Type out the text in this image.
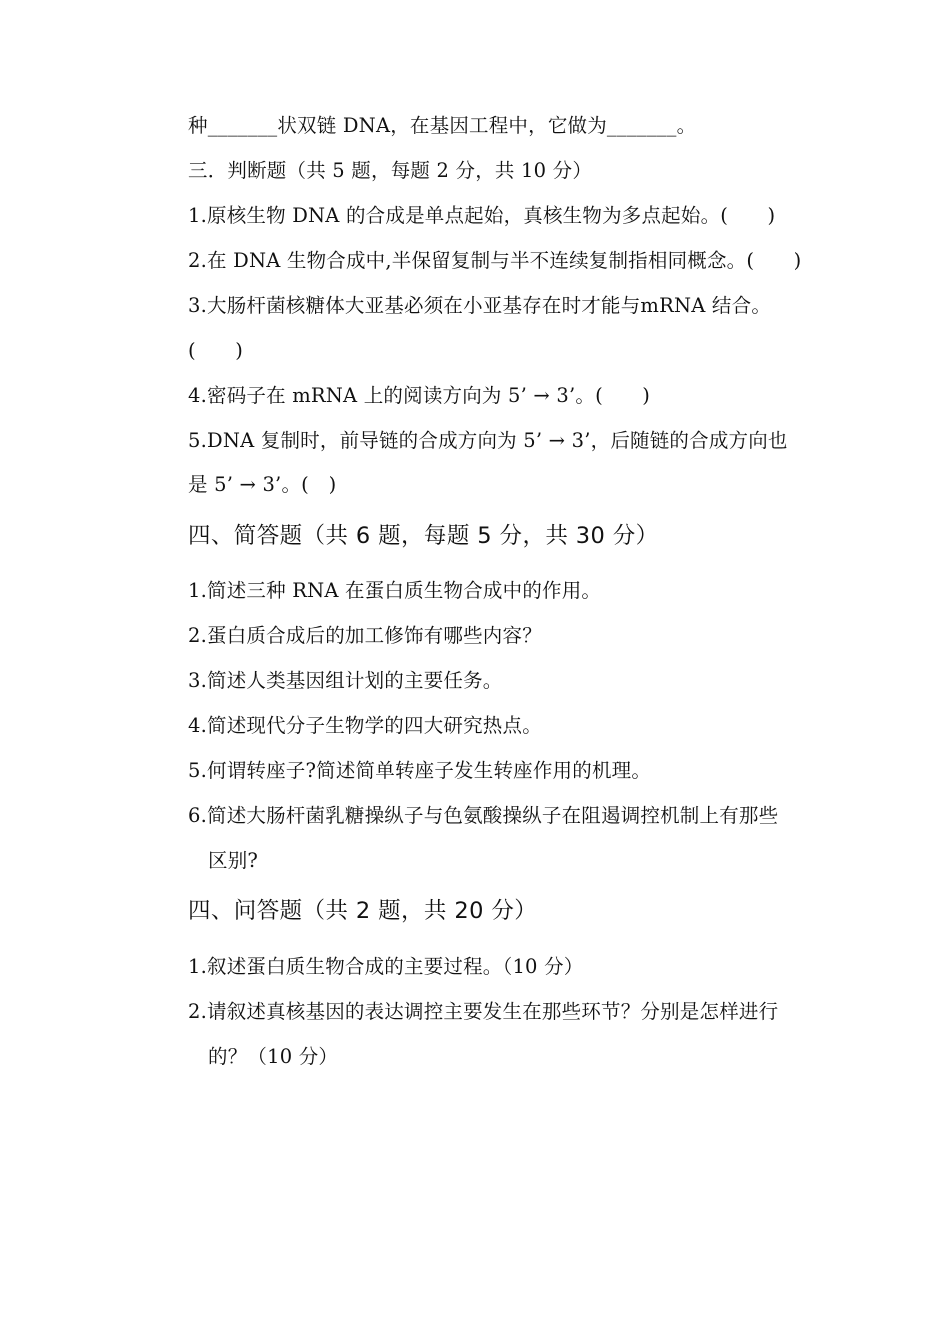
种_______状双链 DNA，在基因工程中，它做为_______。
三．判断题（共 5 题，每题 2 分，共 10 分）
1.原核生物 DNA 的合成是单点起始，真核生物为多点起始。(　　)
2.在 DNA 生物合成中,半保留复制与半不连续复制指相同概念。(　　)
3.大肠杆菌核糖体大亚基必须在小亚基存在时才能与mRNA 结合。
(　　)
4.密码子在 mRNA 上的阅读方向为 5’ → 3’。(　　)
5.DNA 复制时，前导链的合成方向为 5’ → 3’，后随链的合成方向也
是 5’ → 3’。(　)
四、简答题（共 6 题，每题 5 分，共 30 分）
1.简述三种 RNA 在蛋白质生物合成中的作用。
2.蛋白质合成后的加工修饰有哪些内容？
3.简述人类基因组计划的主要任务。
4.简述现代分子生物学的四大研究热点。
5.何谓转座子?简述简单转座子发生转座作用的机理。
6.简述大肠杆菌乳糖操纵子与色氨酸操纵子在阻遏调控机制上有那些
区别?
四、问答题（共 2 题，共 20 分）
1.叙述蛋白质生物合成的主要过程。（10 分）
2.请叙述真核基因的表达调控主要发生在那些环节？分别是怎样进行
的？（10 分）
